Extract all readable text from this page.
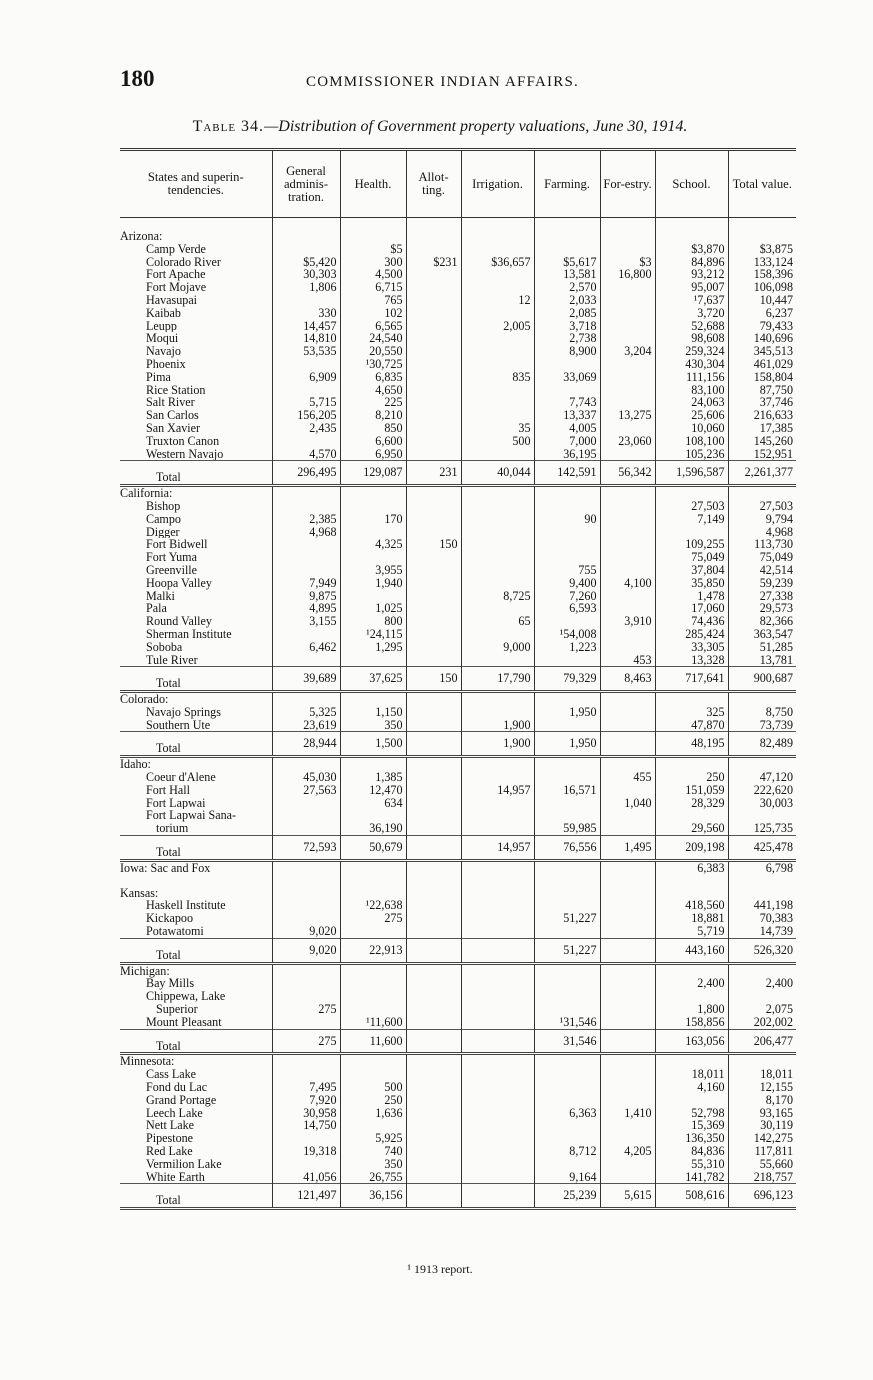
180	COMMISSIONER INDIAN AFFAIRS.
Table 34.—Distribution of Government property valuations, June 30, 1914.
States and superin-tendencies.	General adminis-tration.	Health.	Allot-ting.	Irrigation.	Farming.	For-estry.	School.	Total value.

Arizona:								
Camp Verde		$5					$3,870	$3,875
Colorado River	$5,420	300	$231	$36,657	$5,617	$3	84,896	133,124
Fort Apache	30,303	4,500			13,581	16,800	93,212	158,396
Fort Mojave	1,806	6,715			2,570		95,007	106,098
Havasupai		765		12	2,033		¹7,637	10,447
Kaibab	330	102			2,085		3,720	6,237
Leupp	14,457	6,565		2,005	3,718		52,688	79,433
Moqui	14,810	24,540			2,738		98,608	140,696
Navajo	53,535	20,550			8,900	3,204	259,324	345,513
Phoenix		¹30,725					430,304	461,029
Pima	6,909	6,835		835	33,069		111,156	158,804
Rice Station		4,650					83,100	87,750
Salt River	5,715	225			7,743		24,063	37,746
San Carlos	156,205	8,210			13,337	13,275	25,606	216,633
San Xavier	2,435	850		35	4,005		10,060	17,385
Truxton Canon		6,600		500	7,000	23,060	108,100	145,260
Western Navajo	4,570	6,950			36,195		105,236	152,951
Total	296,495	129,087	231	40,044	142,591	56,342	1,596,587	2,261,377
California:								
Bishop							27,503	27,503
Campo	2,385	170			90		7,149	9,794
Digger	4,968							4,968
Fort Bidwell		4,325	150				109,255	113,730
Fort Yuma							75,049	75,049
Greenville		3,955			755		37,804	42,514
Hoopa Valley	7,949	1,940			9,400	4,100	35,850	59,239
Malki	9,875			8,725	7,260		1,478	27,338
Pala	4,895	1,025			6,593		17,060	29,573
Round Valley	3,155	800		65		3,910	74,436	82,366
Sherman Institute		¹24,115			¹54,008		285,424	363,547
Soboba	6,462	1,295		9,000	1,223		33,305	51,285
Tule River						453	13,328	13,781
Total	39,689	37,625	150	17,790	79,329	8,463	717,641	900,687
Colorado:								
Navajo Springs	5,325	1,150			1,950		325	8,750
Southern Ute	23,619	350		1,900			47,870	73,739
Total	28,944	1,500		1,900	1,950		48,195	82,489
Idaho:								
Coeur d'Alene	45,030	1,385				455	250	47,120
Fort Hall	27,563	12,470		14,957	16,571		151,059	222,620
Fort Lapwai		634				1,040	28,329	30,003
Fort Lapwai Sana-								
torium		36,190			59,985		29,560	125,735
Total	72,593	50,679		14,957	76,556	1,495	209,198	425,478
Iowa: Sac and Fox							6,383	6,798

Kansas:								
Haskell Institute		¹22,638					418,560	441,198
Kickapoo		275			51,227		18,881	70,383
Potawatomi	9,020						5,719	14,739
Total	9,020	22,913			51,227		443,160	526,320
Michigan:								
Bay Mills							2,400	2,400
Chippewa, Lake								
Superior	275						1,800	2,075
Mount Pleasant		¹11,600			¹31,546		158,856	202,002
Total	275	11,600			31,546		163,056	206,477
Minnesota:								
Cass Lake							18,011	18,011
Fond du Lac	7,495	500					4,160	12,155
Grand Portage	7,920	250						8,170
Leech Lake	30,958	1,636			6,363	1,410	52,798	93,165
Nett Lake	14,750						15,369	30,119
Pipestone		5,925					136,350	142,275
Red Lake	19,318	740			8,712	4,205	84,836	117,811
Vermilion Lake		350					55,310	55,660
White Earth	41,056	26,755			9,164		141,782	218,757
Total	121,497	36,156			25,239	5,615	508,616	696,123
¹ 1913 report.
